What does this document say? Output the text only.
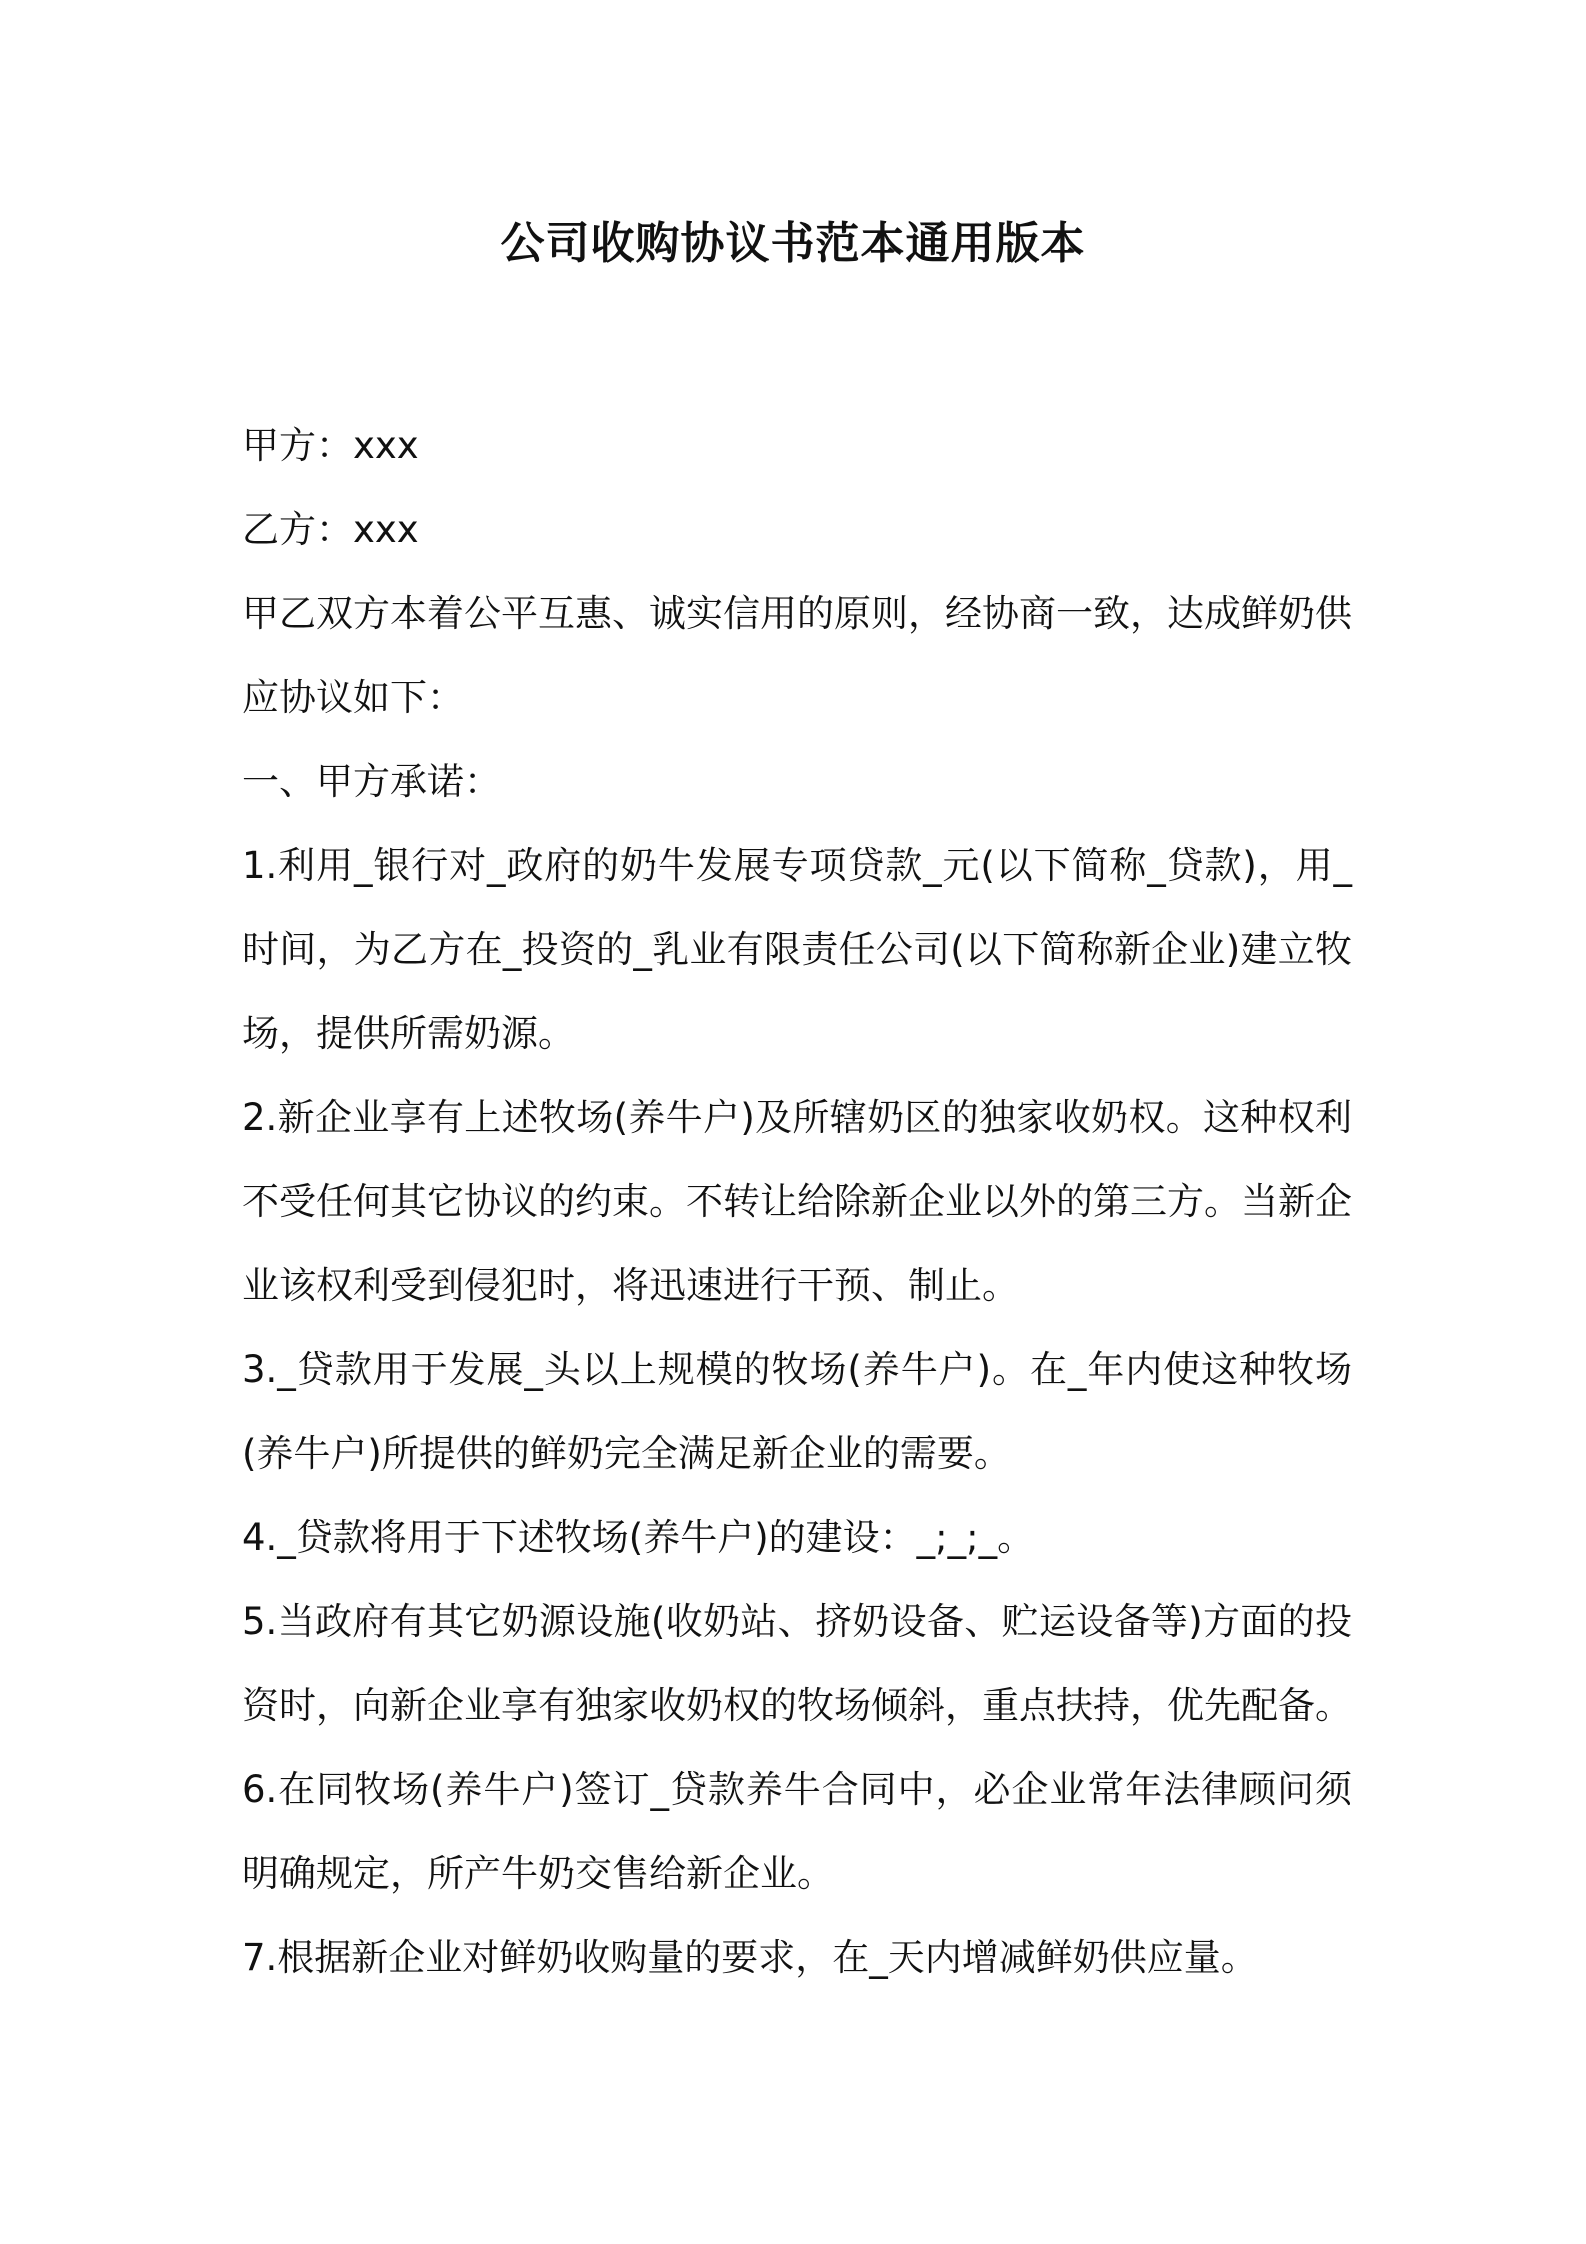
公司收购协议书范本通用版本

甲方：xxx

乙方：xxx

甲乙双方本着公平互惠、诚实信用的原则，经协商一致，达成鲜奶供应协议如下：

一、甲方承诺：

1.利用_银行对_政府的奶牛发展专项贷款_元(以下简称_贷款)，用_时间，为乙方在_投资的_乳业有限责任公司(以下简称新企业)建立牧场，提供所需奶源。

2.新企业享有上述牧场(养牛户)及所辖奶区的独家收奶权。这种权利不受任何其它协议的约束。不转让给除新企业以外的第三方。当新企业该权利受到侵犯时，将迅速进行干预、制止。

3._贷款用于发展_头以上规模的牧场(养牛户)。在_年内使这种牧场(养牛户)所提供的鲜奶完全满足新企业的需要。

4._贷款将用于下述牧场(养牛户)的建设：_;_;_。

5.当政府有其它奶源设施(收奶站、挤奶设备、贮运设备等)方面的投资时，向新企业享有独家收奶权的牧场倾斜，重点扶持，优先配备。

6.在同牧场(养牛户)签订_贷款养牛合同中，必企业常年法律顾问须明确规定，所产牛奶交售给新企业。

7.根据新企业对鲜奶收购量的要求，在_天内增减鲜奶供应量。
